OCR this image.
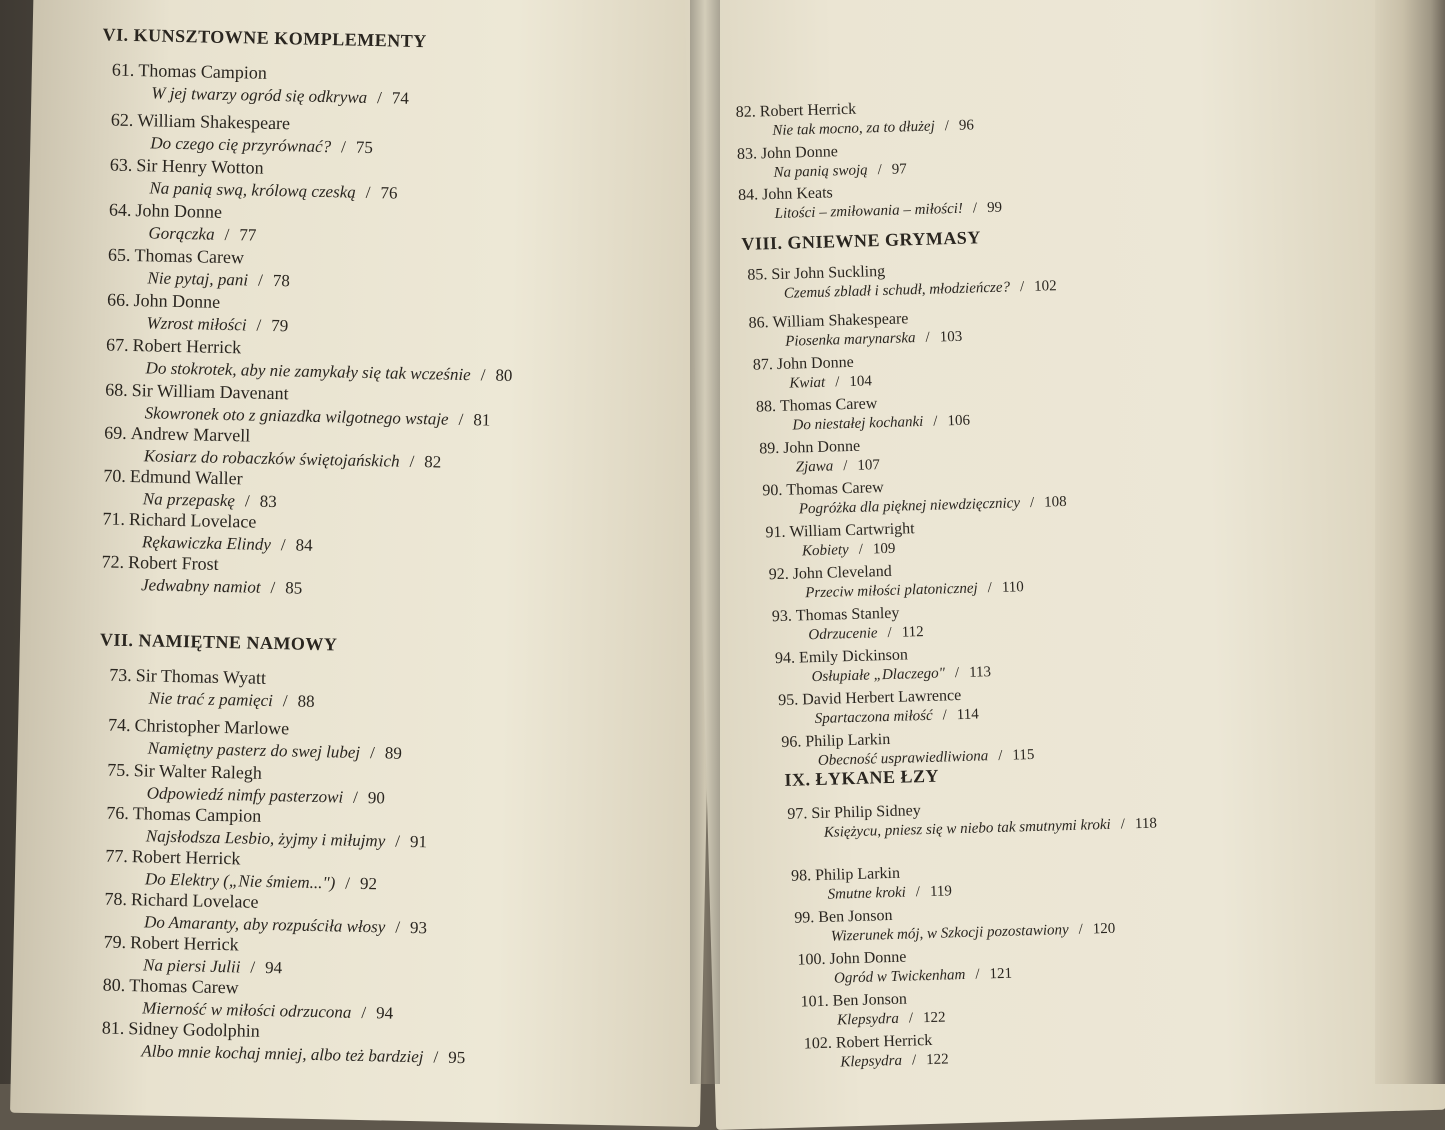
VI. KUNSZTOWNE KOMPLEMENTY
VII. NAMIĘTNE NAMOWY
61. Thomas Campion
W jej twarzy ogród się odkrywa / 74
62. William Shakespeare
Do czego cię przyrównać? / 75
63. Sir Henry Wotton
Na panią swą, królową czeską / 76
64. John Donne
Gorączka / 77
65. Thomas Carew
Nie pytaj, pani / 78
66. John Donne
Wzrost miłości / 79
67. Robert Herrick
Do stokrotek, aby nie zamykały się tak wcześnie / 80
68. Sir William Davenant
Skowronek oto z gniazdka wilgotnego wstaje / 81
69. Andrew Marvell
Kosiarz do robaczków świętojańskich / 82
70. Edmund Waller
Na przepaskę / 83
71. Richard Lovelace
Rękawiczka Elindy / 84
72. Robert Frost
Jedwabny namiot / 85
73. Sir Thomas Wyatt
Nie trać z pamięci / 88
74. Christopher Marlowe
Namiętny pasterz do swej lubej / 89
75. Sir Walter Ralegh
Odpowiedź nimfy pasterzowi / 90
76. Thomas Campion
Najsłodsza Lesbio, żyjmy i miłujmy / 91
77. Robert Herrick
Do Elektry („Nie śmiem...") / 92
78. Richard Lovelace
Do Amaranty, aby rozpuściła włosy / 93
79. Robert Herrick
Na piersi Julii / 94
80. Thomas Carew
Mierność w miłości odrzucona / 94
81. Sidney Godolphin
Albo mnie kochaj mniej, albo też bardziej / 95
VIII. GNIEWNE GRYMASY
IX. ŁYKANE ŁZY
82. Robert Herrick
Nie tak mocno, za to dłużej / 96
83. John Donne
Na panią swoją / 97
84. John Keats
Litości – zmiłowania – miłości! / 99
85. Sir John Suckling
Czemuś zbladł i schudł, młodzieńcze? / 102
86. William Shakespeare
Piosenka marynarska / 103
87. John Donne
Kwiat / 104
88. Thomas Carew
Do niestałej kochanki / 106
89. John Donne
Zjawa / 107
90. Thomas Carew
Pogróżka dla pięknej niewdzięcznicy / 108
91. William Cartwright
Kobiety / 109
92. John Cleveland
Przeciw miłości platonicznej / 110
93. Thomas Stanley
Odrzucenie / 112
94. Emily Dickinson
Osłupiałe „Dlaczego" / 113
95. David Herbert Lawrence
Spartaczona miłość / 114
96. Philip Larkin
Obecność usprawiedliwiona / 115
97. Sir Philip Sidney
Księżycu, pniesz się w niebo tak smutnymi kroki / 118
98. Philip Larkin
Smutne kroki / 119
99. Ben Jonson
Wizerunek mój, w Szkocji pozostawiony / 120
100. John Donne
Ogród w Twickenham / 121
101. Ben Jonson
Klepsydra / 122
102. Robert Herrick
Klepsydra / 122
